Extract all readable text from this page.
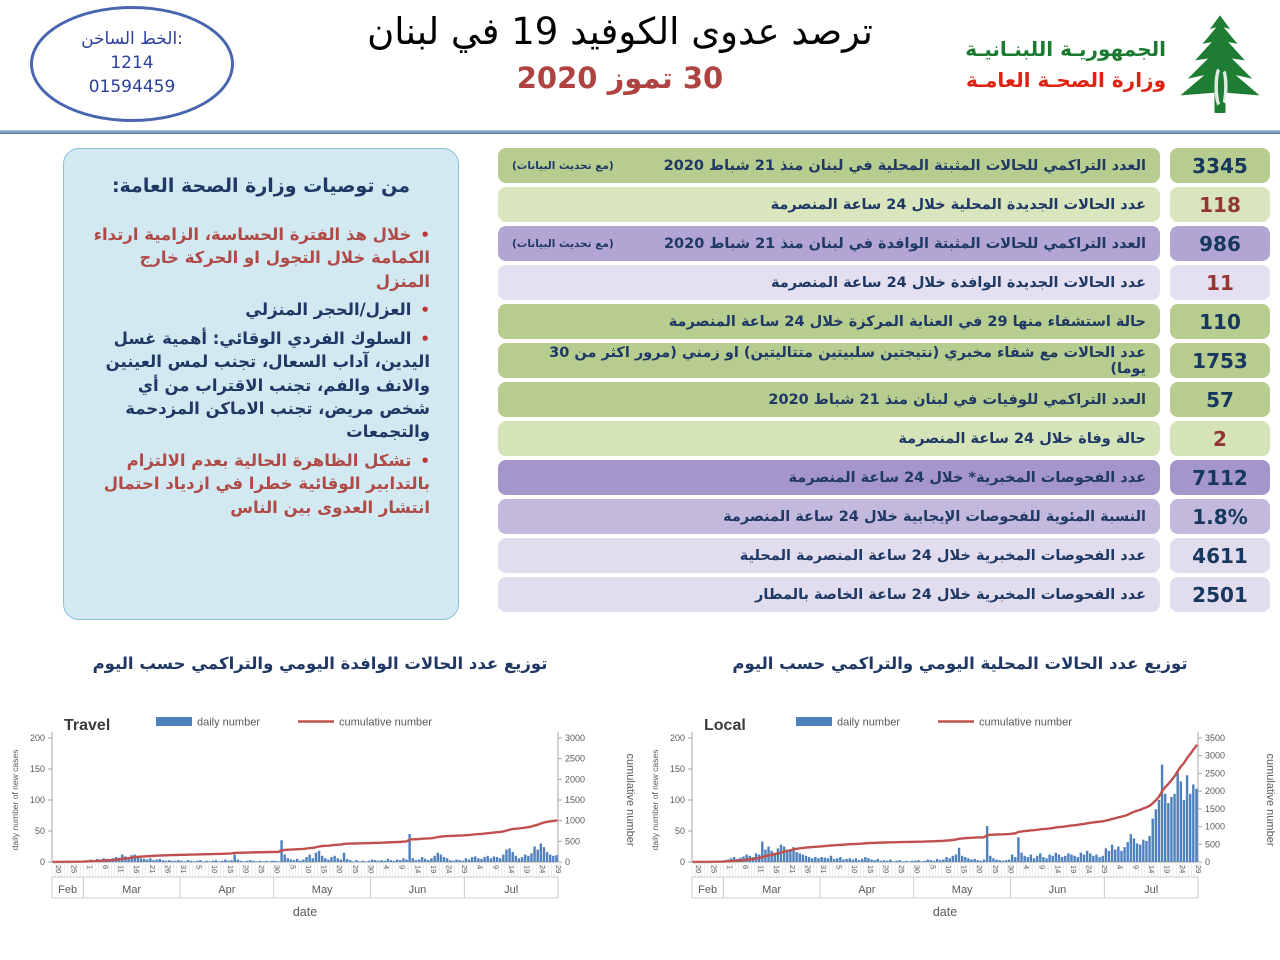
الخط الساخن:
1214
01594459
ترصد عدوى الكوفيد 19 في لبنان
30 تموز 2020
الجمهوريـة اللبنـانيـة
وزارة الصحـة العامـة

من توصيات وزارة الصحة العامة:

• خلال هذ الفترة الحساسة، الزامية ارتداء الكمامة خلال التجول او الحركة خارج المنزل
• العزل/الحجر المنزلي
• السلوك الفردي الوقائي: أهمية غسل اليدين، آداب السعال، تجنب لمس العينين والانف والفم، تجنب الاقتراب من أي شخص مريض، تجنب الاماكن المزدحمة والتجمعات
• تشكل الظاهرة الحالية بعدم الالتزام بالتدابير الوقائية خطرا في ازدياد احتمال انتشار العدوى بين الناس
العدد التراكمي للحالات المثبتة المحلية في لبنان منذ 21 شباط 2020
(مع تحديث البيانات)	3345
عدد الحالات الجديدة المحلية خلال 24 ساعة المنصرمة	118
العدد التراكمي للحالات المثبتة الوافدة في لبنان منذ 21 شباط 2020
(مع تحديث البيانات)	986
عدد الحالات الجديدة الوافدة خلال 24 ساعة المنصرمة	11
حالة استشفاء منها 29 في العناية المركزة خلال 24 ساعة المنصرمة	110
عدد الحالات مع شفاء مخبري (نتيجتين سلبيتين متتاليتين) او زمني (مرور اكثر من 30 يوما)	1753
العدد التراكمي للوفيات في لبنان منذ 21 شباط 2020	57
حالة وفاة خلال 24 ساعة المنصرمة	2
عدد الفحوصات المخبرية* خلال 24 ساعة المنصرمة	7112
النسبة المئوية للفحوصات الإيجابية خلال 24 ساعة المنصرمة	1.8%
عدد الفحوصات المخبرية خلال 24 ساعة المنصرمة المحلية	4611
عدد الفحوصات المخبرية خلال 24 ساعة الخاصة بالمطار	2501
توزيع عدد الحالات الوافدة اليومي والتراكمي حسب اليوم	توزيع عدد الحالات المحلية اليومي والتراكمي حسب اليوم
0
50
100
150
200
0
500
1000
1500
2000
2500
3000
20 25 1 6 11 16 21 26 31 5 10 15 20 25 30 5 10 15 20 25 30 4 9 14 19 24 29 4 9 14 19 24 29
Feb	Mar	Apr	May	Jun	Jul
date
daily number of new cases	cumulative number
Travel	daily number	cumulative number
0
50
100
150
200
0
500
1000
1500
2000
2500
3000
3500
20 25 1 6 11 16 21 26 31 5 10 15 20 25 30 5 10 15 20 25 30 4 9 14 19 24 29 4 9 14 19 24 29
Feb	Mar	Apr	May	Jun	Jul
date
daily number of new cases	cumulative number
Local	daily number	cumulative number
